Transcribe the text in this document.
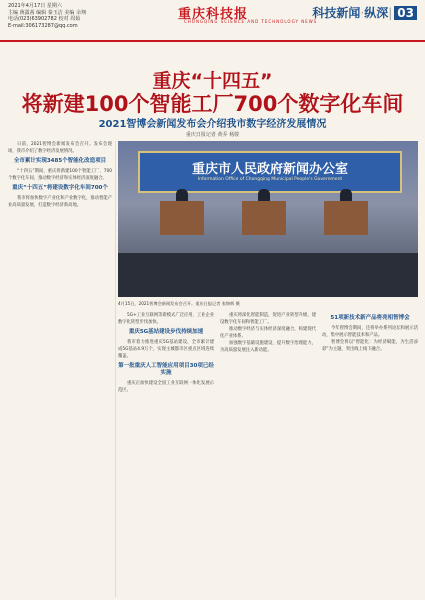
2021年4月17日 星期六
主编 蒋露茜 编辑 秦玉洁 美编 余翔
电话(023)63902782 校对 周茹
E-mail:306173287@qq.com
重庆科技报
CHONGQING SCIENCE AND TECHNOLOGY NEWS
科技新闻·纵深| 03
重庆“十四五”
将新建100个智能工厂700个数字化车间
2021智博会新闻发布会介绍我市数字经济发展情况
重庆日报记者 黄乔 杨骏
重庆市人民政府新闻办公室
Information Office of Chongqing Municipal People's Government
4月15日，2021智博会新闻发布会召开。重庆日报记者 张锦辉 摄

日前，2021智博会新闻发布会召开。发布会现场，我市介绍了数字经济发展情况。

全市累计实现3485个智能化改造项目

“十四五”期间，重庆将新建100个智能工厂、700个数字化车间，推动数字经济和实体经济深度融合。

重庆“十四五”将建设数字化车间700个

我市将加快数字产业化和产业数字化，推动智能产业高质量发展，打造数字经济新高地。

5G+工业互联网等新模式广泛应用，工业企业数字化转型步伐加快。

重庆5G基站建设步伐持续加速

我市着力推进重庆5G基站建设，全市累计建成5G基站4.9万个，实现主城都市区重点区域连续覆盖。

第一批重庆人工智能应用项目30项已经实施

重庆正加快建设全国工业互联网一体化发展示范区。

重庆将深化智能制造，促进产业转型升级，建设数字化车间和智能工厂。

推动数字经济与实体经济深度融合，构建现代化产业体系。

加强数字基础设施建设，提升数字治理能力，为高质量发展注入新动能。

51项新技术新产品将亮相智博会

今年智博会期间，还将举办系列论坛和展示活动，集中展示智能技术和产品。

智博会将以“智能化：为经济赋能，为生活添彩”为主题，突出线上线下融合。
